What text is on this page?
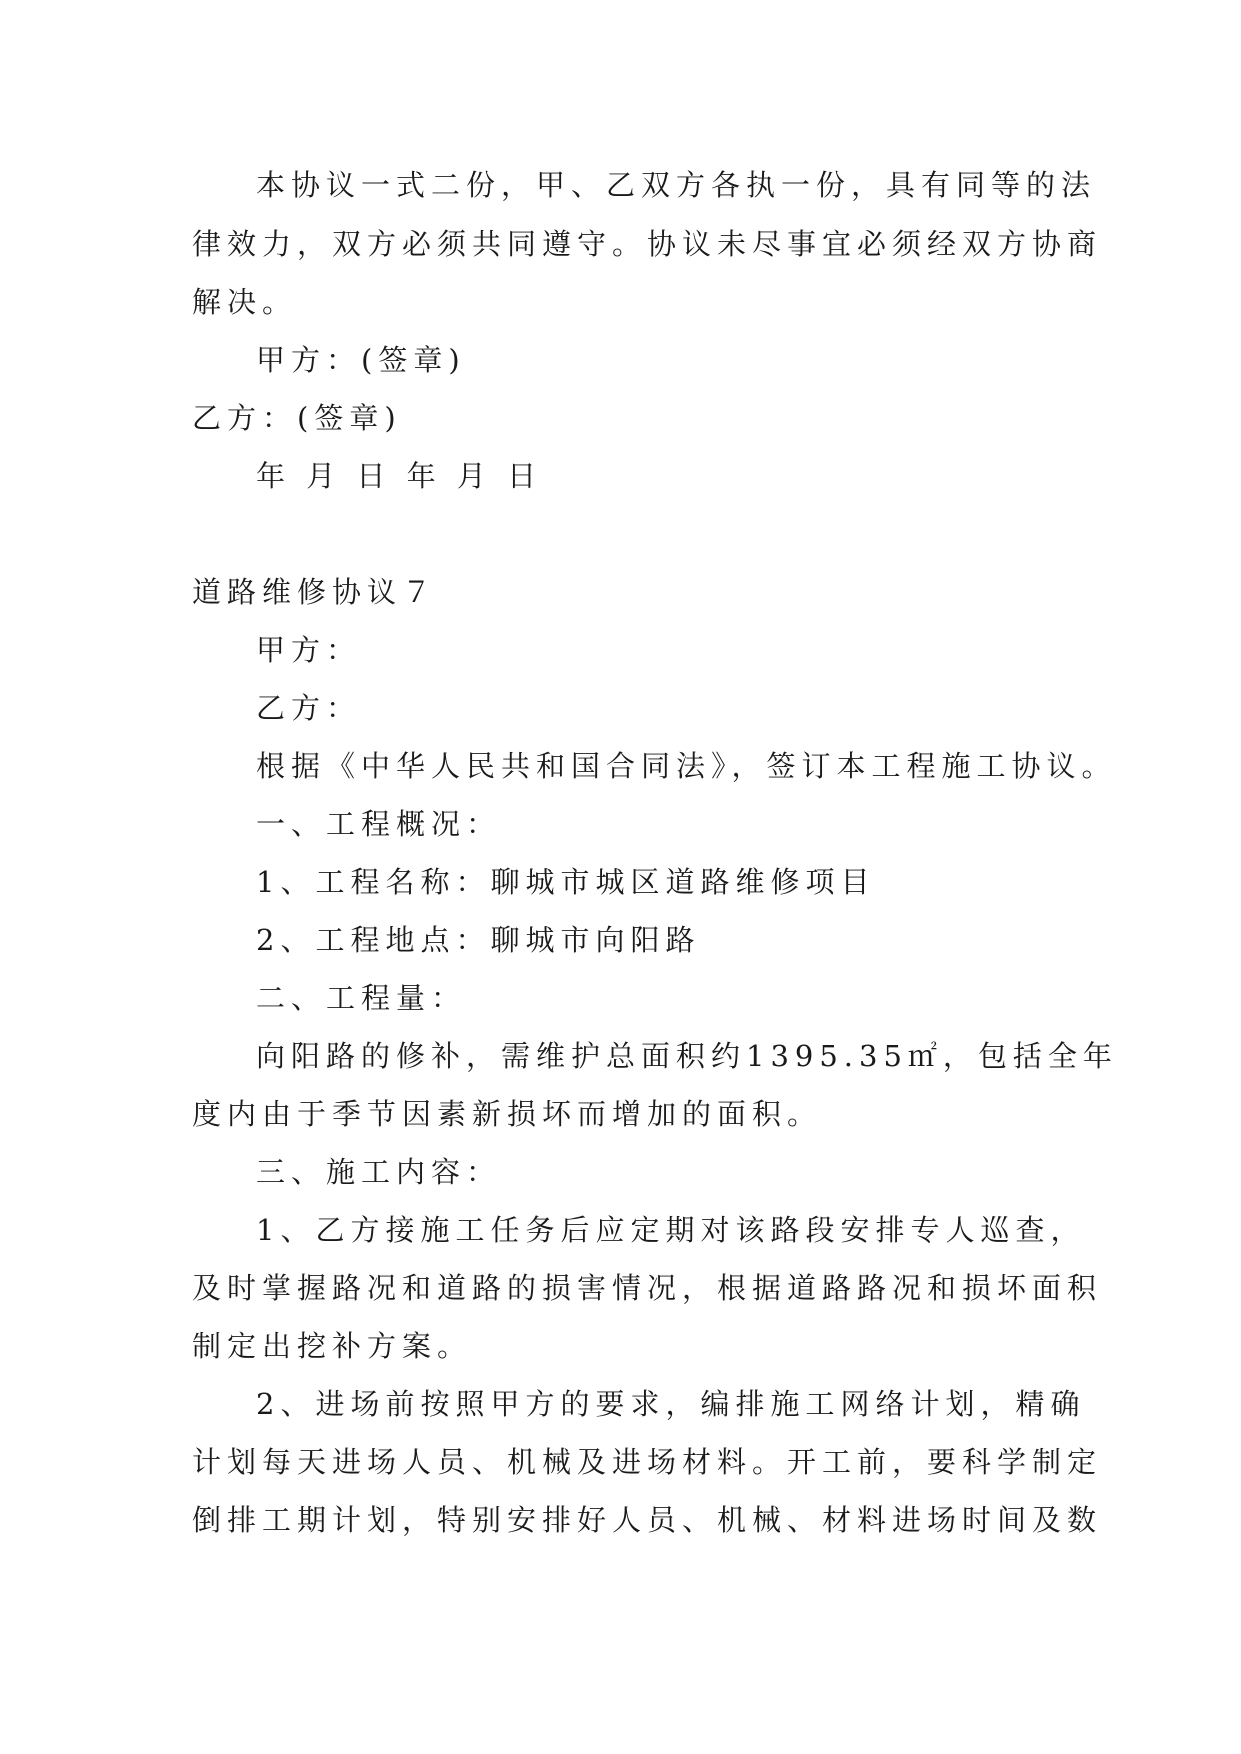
本协议一式二份，甲、乙双方各执一份，具有同等的法
律效力，双方必须共同遵守。协议未尽事宜必须经双方协商
解决。
甲方：(签章)
乙方：(签章)
年 月 日 年 月 日
道路维修协议７
甲方：
乙方：
根据《中华人民共和国合同法》，签订本工程施工协议。
一、工程概况：
1、工程名称：聊城市城区道路维修项目
2、工程地点：聊城市向阳路
二、工程量：
向阳路的修补，需维护总面积约1395.35㎡，包括全年
度内由于季节因素新损坏而增加的面积。
三、施工内容：
1、乙方接施工任务后应定期对该路段安排专人巡查，
及时掌握路况和道路的损害情况，根据道路路况和损坏面积
制定出挖补方案。
2、进场前按照甲方的要求，编排施工网络计划，精确
计划每天进场人员、机械及进场材料。开工前，要科学制定
倒排工期计划，特别安排好人员、机械、材料进场时间及数
